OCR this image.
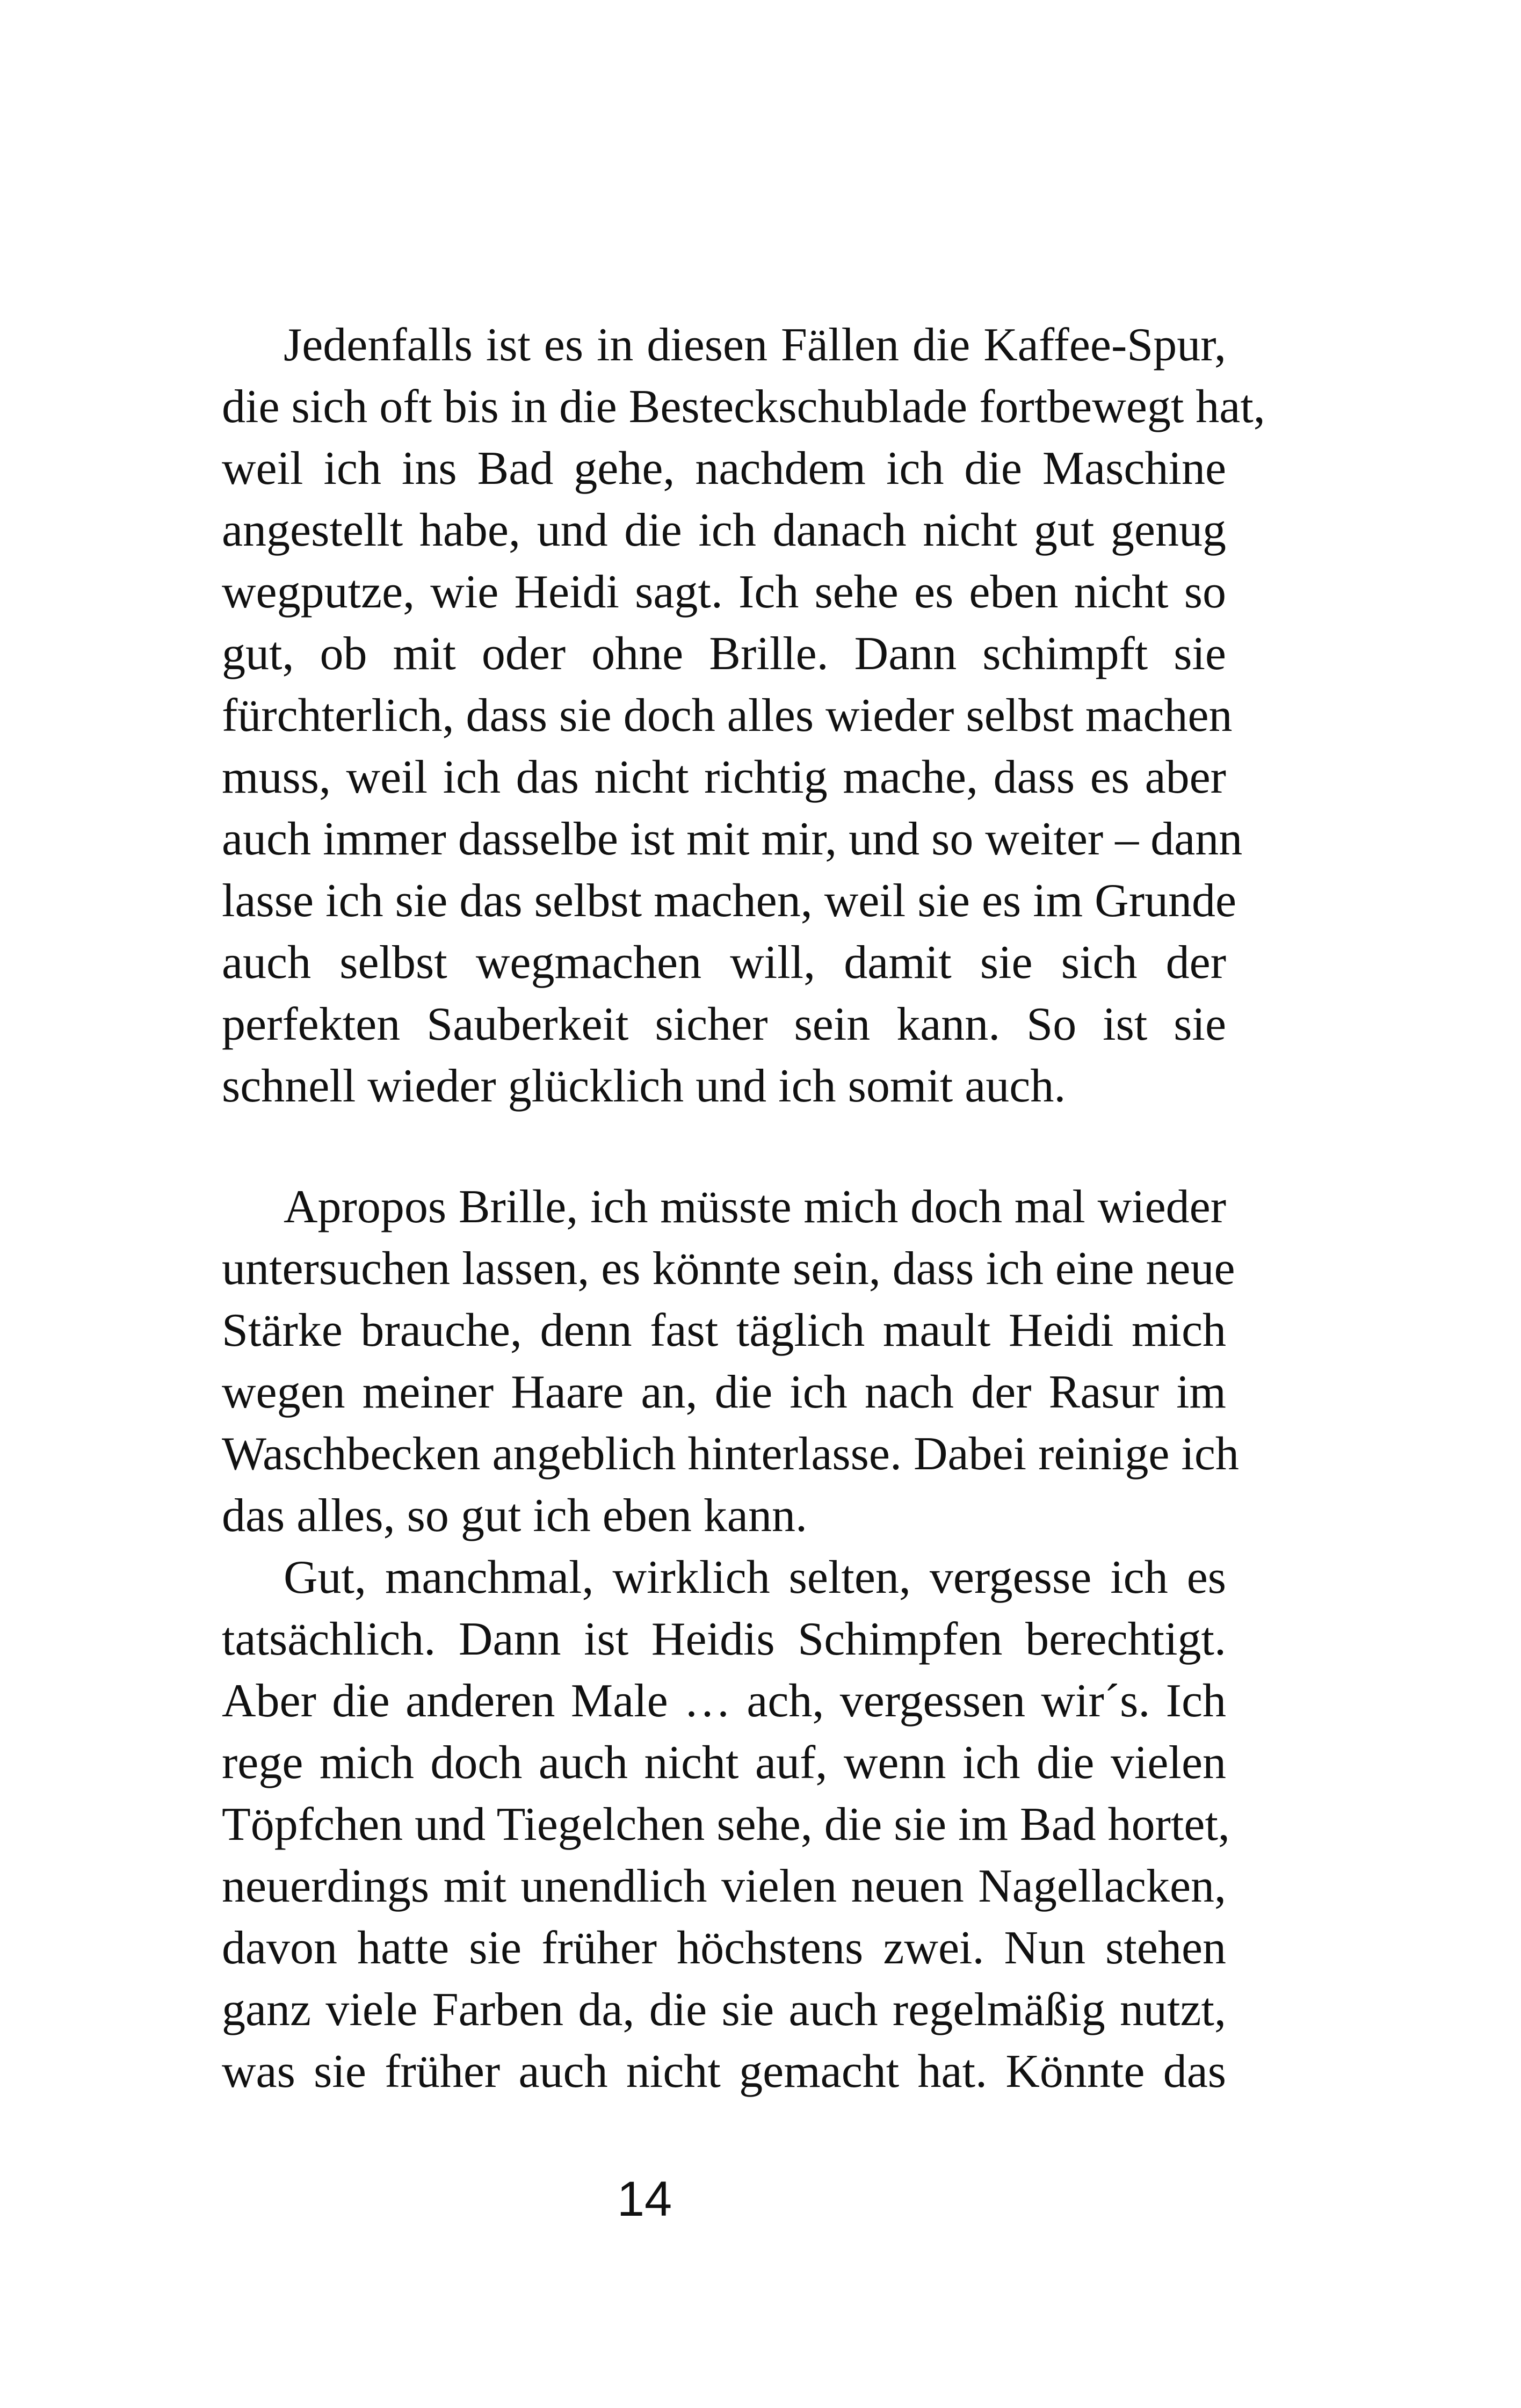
Jedenfalls ist es in diesen Fällen die Kaffee-Spur,
die sich oft bis in die Besteckschublade fortbewegt hat,
weil ich ins Bad gehe, nachdem ich die Maschine
angestellt habe, und die ich danach nicht gut genug
wegputze, wie Heidi sagt. Ich sehe es eben nicht so
gut, ob mit oder ohne Brille. Dann schimpft sie
fürchterlich, dass sie doch alles wieder selbst machen
muss, weil ich das nicht richtig mache, dass es aber
auch immer dasselbe ist mit mir, und so weiter – dann
lasse ich sie das selbst machen, weil sie es im Grunde
auch selbst wegmachen will, damit sie sich der
perfekten Sauberkeit sicher sein kann. So ist sie
schnell wieder glücklich und ich somit auch.
Apropos Brille, ich müsste mich doch mal wieder
untersuchen lassen, es könnte sein, dass ich eine neue
Stärke brauche, denn fast täglich mault Heidi mich
wegen meiner Haare an, die ich nach der Rasur im
Waschbecken angeblich hinterlasse. Dabei reinige ich
das alles, so gut ich eben kann.
Gut, manchmal, wirklich selten, vergesse ich es
tatsächlich. Dann ist Heidis Schimpfen berechtigt.
Aber die anderen Male … ach, vergessen wir´s. Ich
rege mich doch auch nicht auf, wenn ich die vielen
Töpfchen und Tiegelchen sehe, die sie im Bad hortet,
neuerdings mit unendlich vielen neuen Nagellacken,
davon hatte sie früher höchstens zwei. Nun stehen
ganz viele Farben da, die sie auch regelmäßig nutzt,
was sie früher auch nicht gemacht hat. Könnte das
14
